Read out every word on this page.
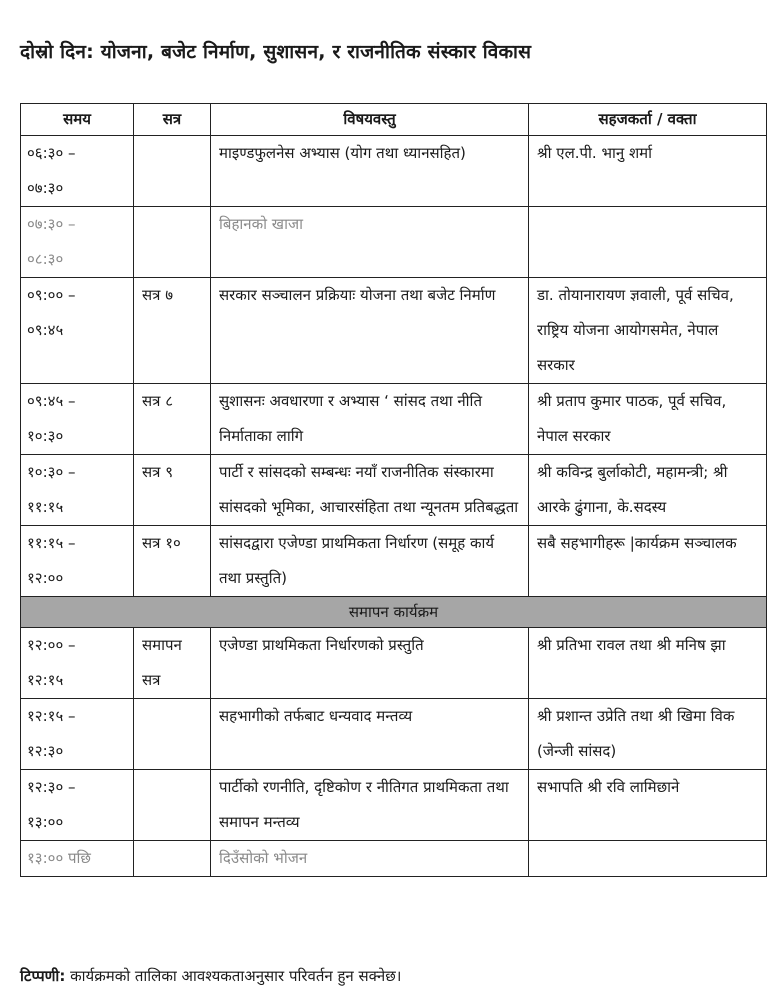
दोस्रो दिन: योजना, बजेट निर्माण, सुशासन, र राजनीतिक संस्कार विकास
समय	सत्र	विषयवस्तु	सहजकर्ता / वक्ता

०६:३० –
०७:३०		माइण्डफुलनेस अभ्यास (योग तथा ध्यानसहित)	श्री एल.पी. भानु शर्मा

०७:३० –
०८:३०		बिहानको खाजा	

०९:०० –
०९:४५	सत्र ७	सरकार सञ्चालन प्रक्रियाः योजना तथा बजेट निर्माण	डा. तोयानारायण ज्ञवाली, पूर्व सचिव, राष्ट्रिय योजना आयोगसमेत, नेपाल सरकार

०९:४५ –
१०:३०	सत्र ८	सुशासनः अवधारणा र अभ्यास ‘ सांसद तथा नीति निर्माताका लागि	श्री प्रताप कुमार पाठक, पूर्व सचिव, नेपाल सरकार

१०:३० –
११:१५	सत्र ९	पार्टी र सांसदको सम्बन्धः नयाँ राजनीतिक संस्कारमा सांसदको भूमिका, आचारसंहिता तथा न्यूनतम प्रतिबद्धता	श्री कविन्द्र बुर्लाकोटी, महामन्त्री; श्री आरके ढुंगाना, के.सदस्य

११:१५ –
१२:००	सत्र १०	सांसदद्वारा एजेण्डा प्राथमिकता निर्धारण (समूह कार्य तथा प्रस्तुति)	सबै सहभागीहरू |कार्यक्रम सञ्चालक
समापन कार्यक्रम			

१२:०० –
१२:१५	समापन सत्र	एजेण्डा प्राथमिकता निर्धारणको प्रस्तुति	श्री प्रतिभा रावल तथा श्री मनिष झा

१२:१५ –
१२:३०		सहभागीको तर्फबाट धन्यवाद मन्तव्य	श्री प्रशान्त उप्रेति तथा श्री खिमा विक (जेन्जी सांसद)

१२:३० –
१३:००		पार्टीको रणनीति, दृष्टिकोण र नीतिगत प्राथमिकता तथा समापन मन्तव्य	सभापति श्री रवि लामिछाने
१३:०० पछि		दिउँसोको भोजन	
टिप्पणी: कार्यक्रमको तालिका आवश्यकताअनुसार परिवर्तन हुन सक्नेछ।
